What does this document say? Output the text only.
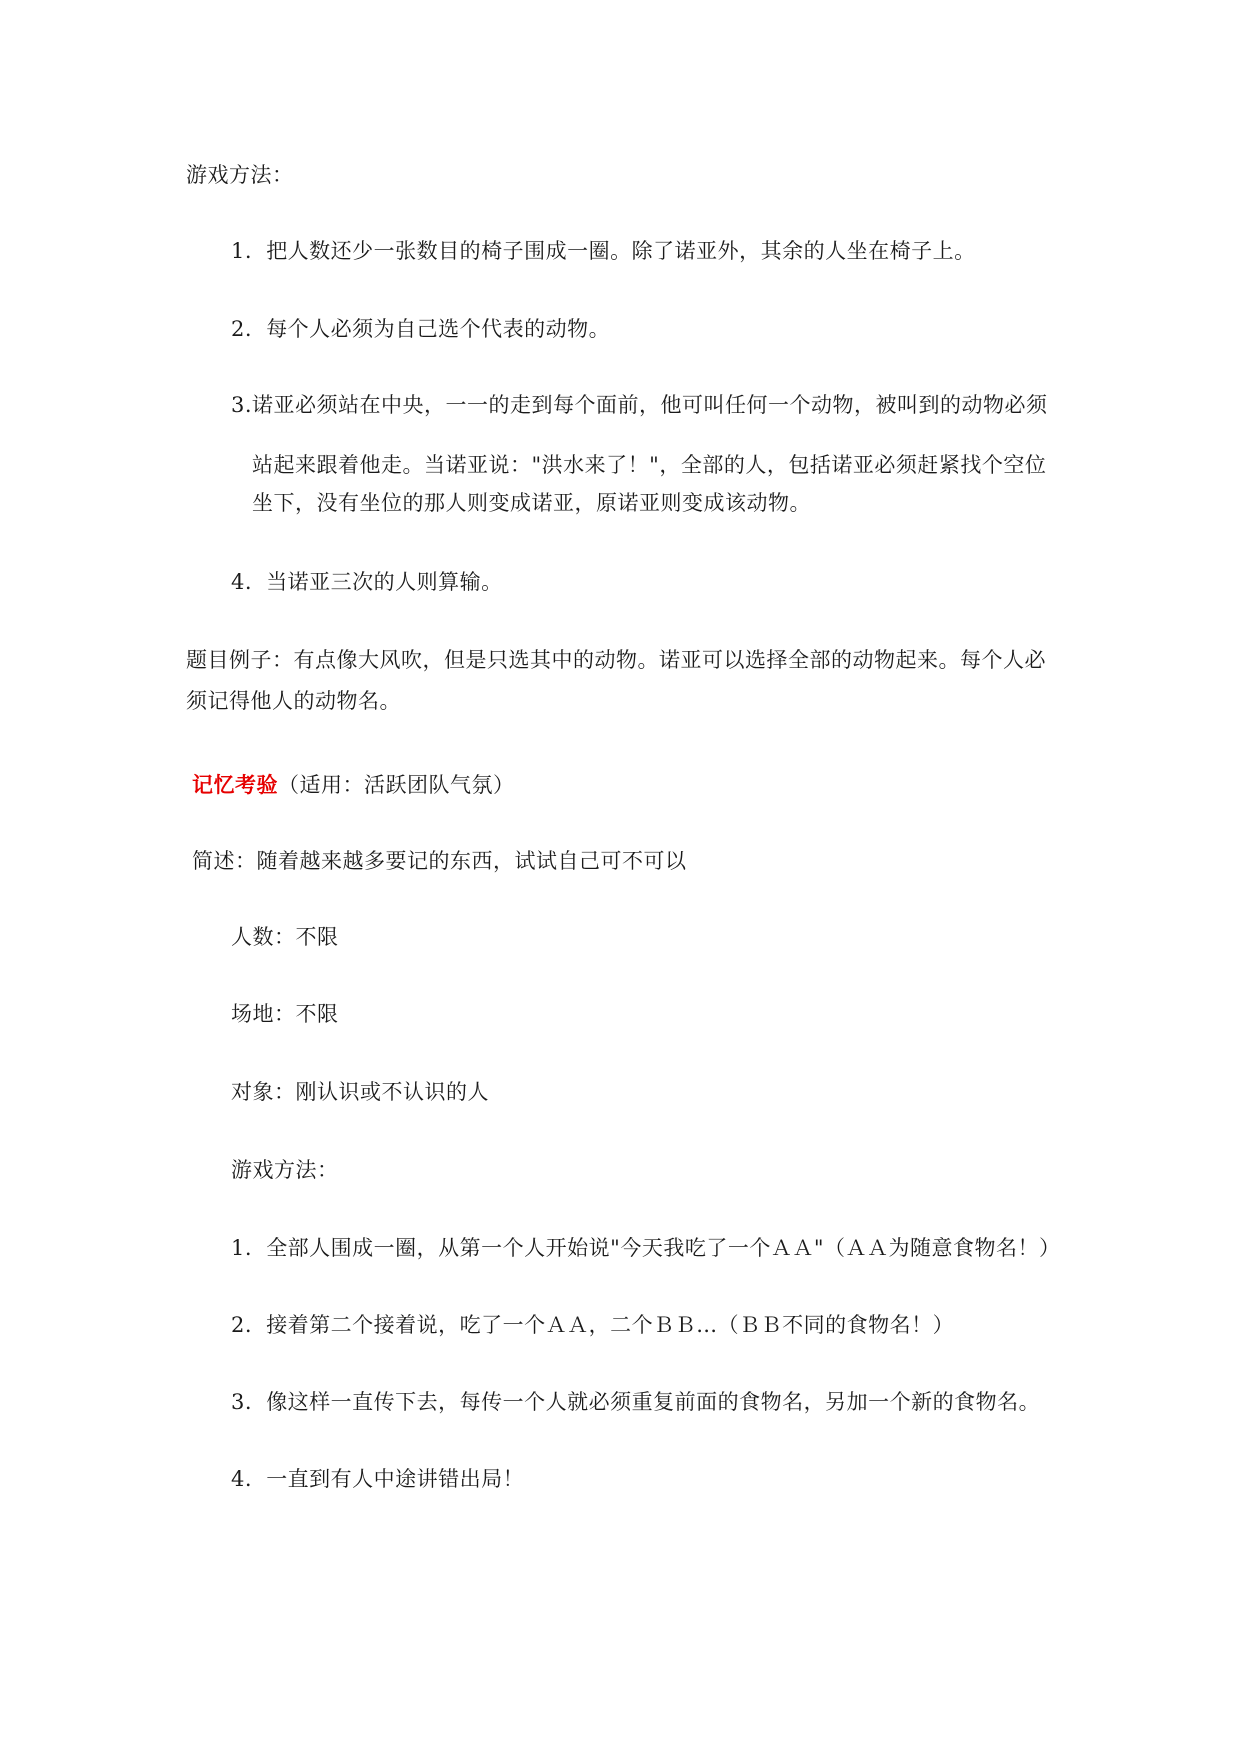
游戏方法：
1. 把人数还少一张数目的椅子围成一圈。除了诺亚外，其余的人坐在椅子上。
2. 每个人必须为自己选个代表的动物。
3.诺亚必须站在中央，一一的走到每个面前，他可叫任何一个动物，被叫到的动物必须
站起来跟着他走。当诺亚说："洪水来了！"，全部的人，包括诺亚必须赶紧找个空位
坐下，没有坐位的那人则变成诺亚，原诺亚则变成该动物。
4. 当诺亚三次的人则算输。
题目例子：有点像大风吹，但是只选其中的动物。诺亚可以选择全部的动物起来。每个人必
须记得他人的动物名。
记忆考验（适用：活跃团队气氛）
简述：随着越来越多要记的东西，试试自己可不可以
人数：不限
场地：不限
对象：刚认识或不认识的人
游戏方法：
1. 全部人围成一圈，从第一个人开始说"今天我吃了一个ＡＡ"（ＡＡ为随意食物名！）
2. 接着第二个接着说，吃了一个ＡＡ，二个ＢＢ…（ＢＢ不同的食物名！）
3. 像这样一直传下去，每传一个人就必须重复前面的食物名，另加一个新的食物名。
4. 一直到有人中途讲错出局！
